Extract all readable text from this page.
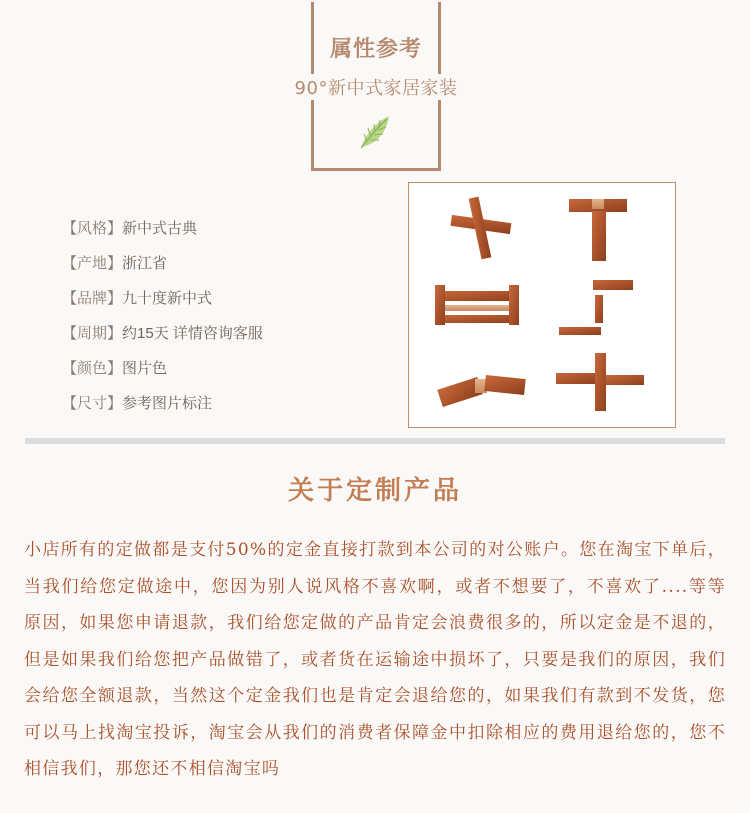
属性参考
90°新中式家居家装
【风格】新中式古典
【产地】浙江省
【品牌】九十度新中式
【周期】约15天 详情咨询客服
【颜色】图片色
【尺寸】参考图片标注
关于定制产品
小店所有的定做都是支付50%的定金直接打款到本公司的对公账户。您在淘宝下单后，当我们给您定做途中，您因为别人说风格不喜欢啊，或者不想要了，不喜欢了....等等原因，如果您申请退款，我们给您定做的产品肯定会浪费很多的，所以定金是不退的，但是如果我们给您把产品做错了，或者货在运输途中损坏了，只要是我们的原因，我们会给您全额退款，当然这个定金我们也是肯定会退给您的，如果我们有款到不发货，您可以马上找淘宝投诉，淘宝会从我们的消费者保障金中扣除相应的费用退给您的，您不相信我们，那您还不相信淘宝吗
